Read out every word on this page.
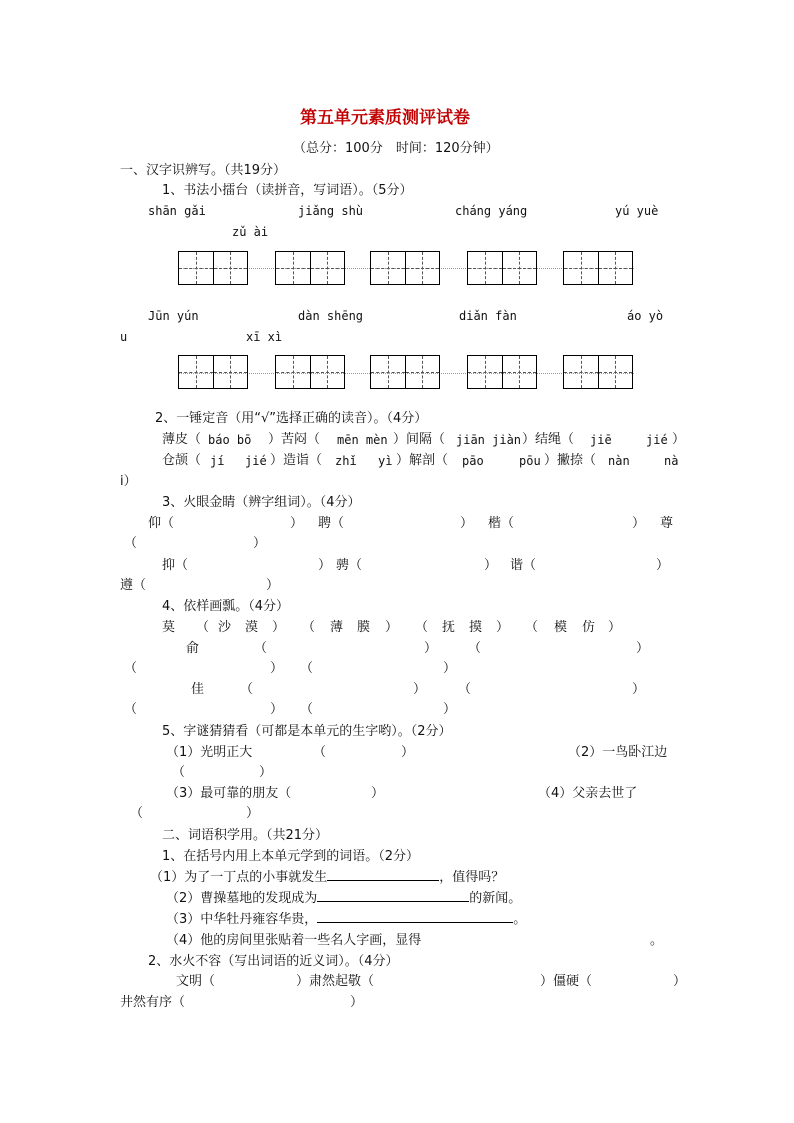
第五单元素质测评试卷
（总分：100分　时间：120分钟）
一、汉字识辨写。（共19分）
1、书法小擂台（读拼音，写词语）。（5分）
shān gǎi	jiǎng shù	cháng yáng	yú yuè
zǔ ài
Jūn yún	dàn shēng	diǎn fàn	áo yò
u	xī xì
2、一锤定音（用“√”选择正确的读音）。（4分）
薄皮（ báo bō ）苦闷（ mēn mèn ）间隔（ jiān jiàn ）结绳（ jiē	jié ）
仓颉（ jí jié ）造诣（ zhǐ yì ）解剖（ pāo	pōu ）撇捺（ nàn	nà
i）
3、火眼金睛（辨字组词）。（4分）
仰（	） 聘（	） 楷（	） 尊
（	）
抑（	） 骋（	） 谐（	）
遵（	）
4、依样画瓢。（4分）
莫 （ 沙 漠 ） （ 薄 膜 ） （ 抚 摸 ） （ 模 仿 ）
俞	（	） （	）
（	） （	）
佳	（	） （	）
（	） （	）
5、字谜猜猜看（可都是本单元的生字哟）。（2分）
（1）光明正大	（	）	（2）一鸟卧江边
（	）
（3）最可靠的朋友（	）	（4）父亲去世了
（	）
二、词语积学用。（共21分）
1、在括号内用上本单元学到的词语。（2分）
（1）为了一丁点的小事就发生	，值得吗？
（2）曹操墓地的发现成为	的新闻。
（3）中华牡丹雍容华贵，	。
（4）他的房间里张贴着一些名人字画，显得	。
2、水火不容（写出词语的近义词）。（4分）
文明（	）肃然起敬（	）僵硬（	）
井然有序（	）
